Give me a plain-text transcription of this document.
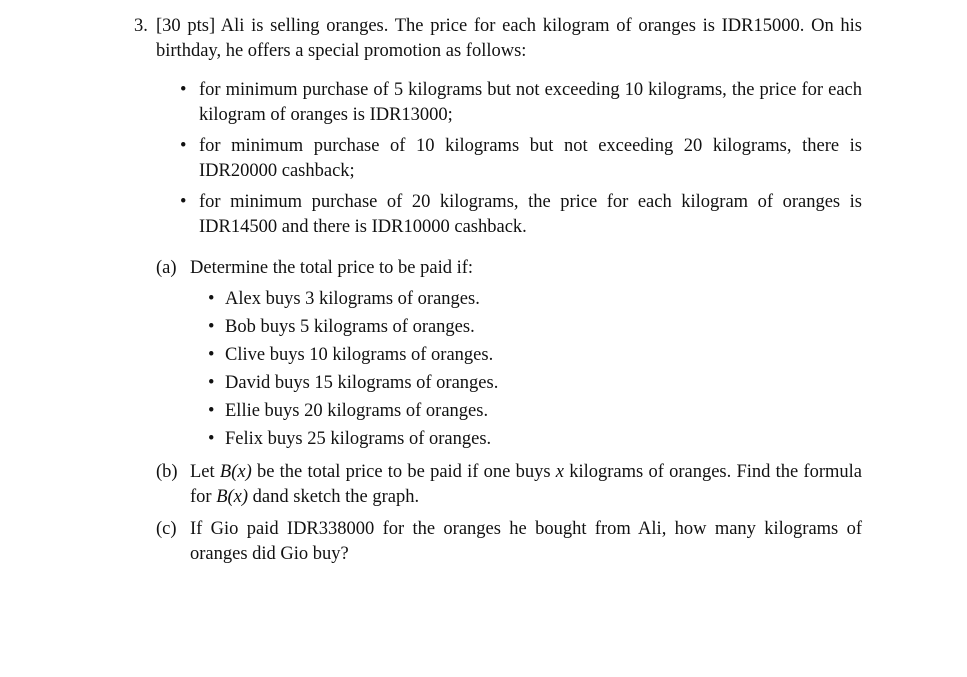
3. [30 pts] Ali is selling oranges. The price for each kilogram of oranges is IDR15000. On his birthday, he offers a special promotion as follows:
• for minimum purchase of 5 kilograms but not exceeding 10 kilograms, the price for each kilogram of oranges is IDR13000;
• for minimum purchase of 10 kilograms but not exceeding 20 kilograms, there is IDR20000 cashback;
• for minimum purchase of 20 kilograms, the price for each kilogram of oranges is IDR14500 and there is IDR10000 cashback.
(a) Determine the total price to be paid if:
• Alex buys 3 kilograms of oranges.
• Bob buys 5 kilograms of oranges.
• Clive buys 10 kilograms of oranges.
• David buys 15 kilograms of oranges.
• Ellie buys 20 kilograms of oranges.
• Felix buys 25 kilograms of oranges.
(b) Let B(x) be the total price to be paid if one buys x kilograms of oranges. Find the formula for B(x) dand sketch the graph.
(c) If Gio paid IDR338000 for the oranges he bought from Ali, how many kilograms of oranges did Gio buy?
